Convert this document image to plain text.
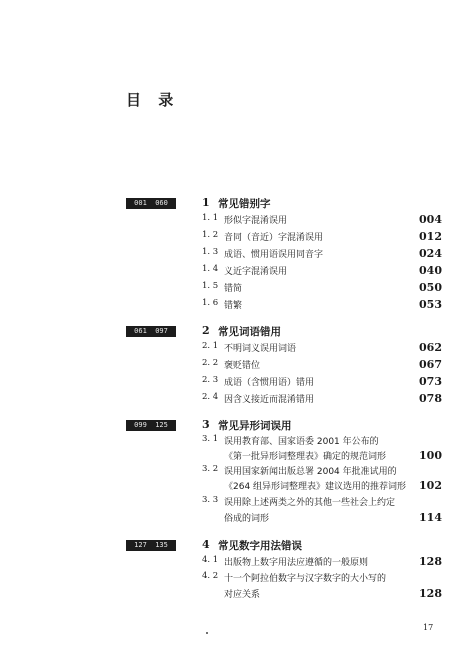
目 录
001  060	1 常见错别字
1. 1 形似字混淆误用	004
1. 2 音同（音近）字混淆误用	012
1. 3 成语、惯用语误用同音字	024
1. 4 义近字混淆误用	040
1. 5 错简	050
1. 6 错繁	053
061  097	2 常见词语错用
2. 1 不明词义误用词语	062
2. 2 褒贬错位	067
2. 3 成语（含惯用语）错用	073
2. 4 因含义接近而混淆错用	078
099  125	3 常见异形词误用
3. 1 误用教育部、国家语委 2001 年公布的
《第一批异形词整理表》确定的规范词形	100
3. 2 误用国家新闻出版总署 2004 年批准试用的
《264 组异形词整理表》建议选用的推荐词形 102
3. 3 误用除上述两类之外的其他一些社会上约定
俗成的词形	114
127  135	4 常见数字用法错误
4. 1 出版物上数字用法应遵循的一般原则	128
4. 2 十一个阿拉伯数字与汉字数字的大小写的
对应关系	128
17
